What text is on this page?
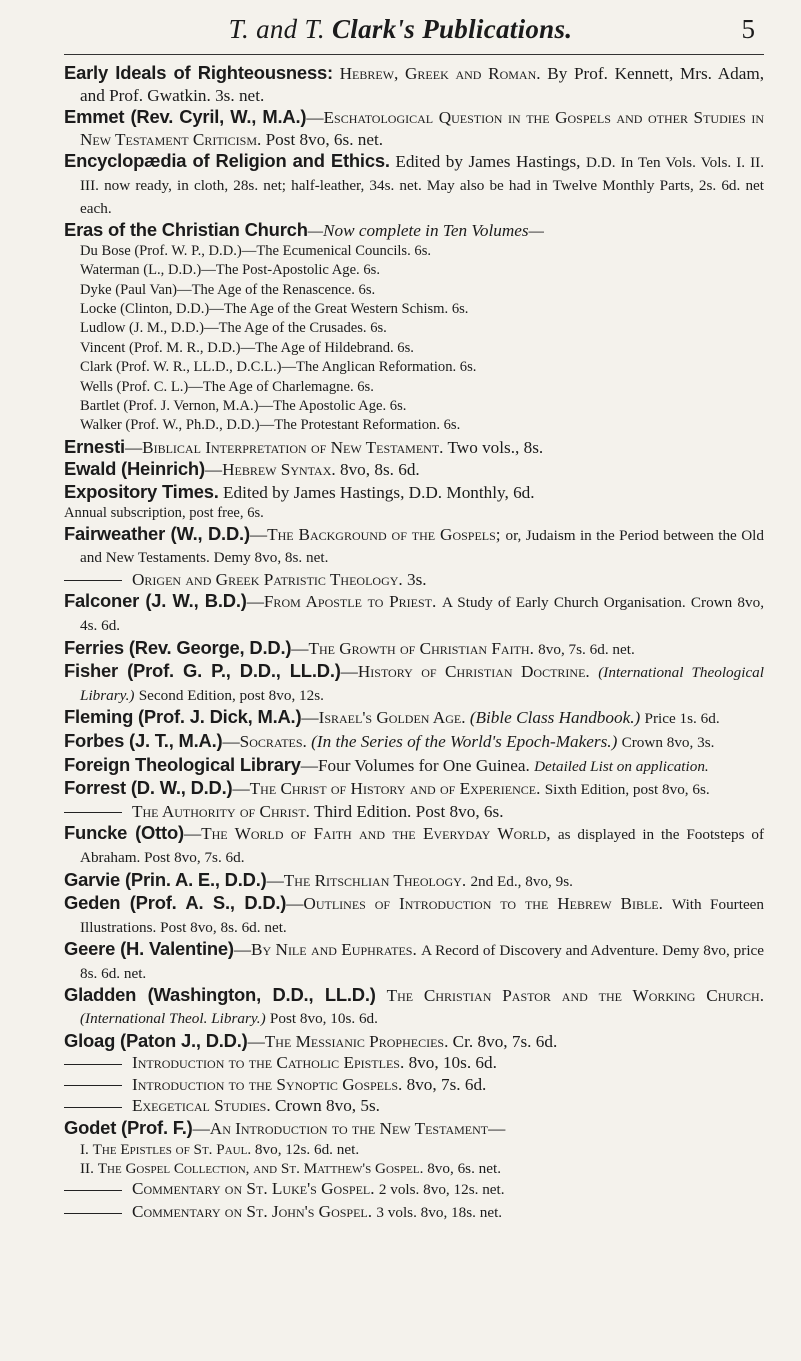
T. and T. Clark's Publications.	5

Early Ideals of Righteousness: Hebrew, Greek and Roman. By Prof. Kennett, Mrs. Adam, and Prof. Gwatkin. 3s. net.

Emmet (Rev. Cyril, W., M.A.)—Eschatological Question in the Gospels and other Studies in New Testament Criticism. Post 8vo, 6s. net.

Encyclopædia of Religion and Ethics. Edited by James Hastings, D.D. In Ten Vols. Vols. I. II. III. now ready, in cloth, 28s. net; half-leather, 34s. net. May also be had in Twelve Monthly Parts, 2s. 6d. net each.

Eras of the Christian Church—Now complete in Ten Volumes—

Du Bose (Prof. W. P., D.D.)—The Ecumenical Councils. 6s.

Waterman (L., D.D.)—The Post-Apostolic Age. 6s.

Dyke (Paul Van)—The Age of the Renascence. 6s.

Locke (Clinton, D.D.)—The Age of the Great Western Schism. 6s.

Ludlow (J. M., D.D.)—The Age of the Crusades. 6s.

Vincent (Prof. M. R., D.D.)—The Age of Hildebrand. 6s.

Clark (Prof. W. R., LL.D., D.C.L.)—The Anglican Reformation. 6s.

Wells (Prof. C. L.)—The Age of Charlemagne. 6s.

Bartlet (Prof. J. Vernon, M.A.)—The Apostolic Age. 6s.

Walker (Prof. W., Ph.D., D.D.)—The Protestant Reformation. 6s.

Ernesti—Biblical Interpretation of New Testament. Two vols., 8s.

Ewald (Heinrich)—Hebrew Syntax. 8vo, 8s. 6d.

Expository Times. Edited by James Hastings, D.D. Monthly, 6d.
Annual subscription, post free, 6s.

Fairweather (W., D.D.)—The Background of the Gospels; or, Judaism in the Period between the Old and New Testaments. Demy 8vo, 8s. net.

Origen and Greek Patristic Theology. 3s.

Falconer (J. W., B.D.)—From Apostle to Priest. A Study of Early Church Organisation. Crown 8vo, 4s. 6d.

Ferries (Rev. George, D.D.)—The Growth of Christian Faith. 8vo, 7s. 6d. net.

Fisher (Prof. G. P., D.D., LL.D.)—History of Christian Doctrine. (International Theological Library.) Second Edition, post 8vo, 12s.

Fleming (Prof. J. Dick, M.A.)—Israel's Golden Age. (Bible Class Handbook.) Price 1s. 6d.

Forbes (J. T., M.A.)—Socrates. (In the Series of the World's Epoch-Makers.) Crown 8vo, 3s.

Foreign Theological Library—Four Volumes for One Guinea. Detailed List on application.

Forrest (D. W., D.D.)—The Christ of History and of Experience. Sixth Edition, post 8vo, 6s.

The Authority of Christ. Third Edition. Post 8vo, 6s.

Funcke (Otto)—The World of Faith and the Everyday World, as displayed in the Footsteps of Abraham. Post 8vo, 7s. 6d.

Garvie (Prin. A. E., D.D.)—The Ritschlian Theology. 2nd Ed., 8vo, 9s.

Geden (Prof. A. S., D.D.)—Outlines of Introduction to the Hebrew Bible. With Fourteen Illustrations. Post 8vo, 8s. 6d. net.

Geere (H. Valentine)—By Nile and Euphrates. A Record of Discovery and Adventure. Demy 8vo, price 8s. 6d. net.

Gladden (Washington, D.D., LL.D.) The Christian Pastor and the Working Church. (International Theol. Library.) Post 8vo, 10s. 6d.

Gloag (Paton J., D.D.)—The Messianic Prophecies. Cr. 8vo, 7s. 6d.

Introduction to the Catholic Epistles. 8vo, 10s. 6d.

Introduction to the Synoptic Gospels. 8vo, 7s. 6d.

Exegetical Studies. Crown 8vo, 5s.

Godet (Prof. F.)—An Introduction to the New Testament—

I. The Epistles of St. Paul. 8vo, 12s. 6d. net.

II. The Gospel Collection, and St. Matthew's Gospel. 8vo, 6s. net.

Commentary on St. Luke's Gospel. 2 vols. 8vo, 12s. net.

Commentary on St. John's Gospel. 3 vols. 8vo, 18s. net.
